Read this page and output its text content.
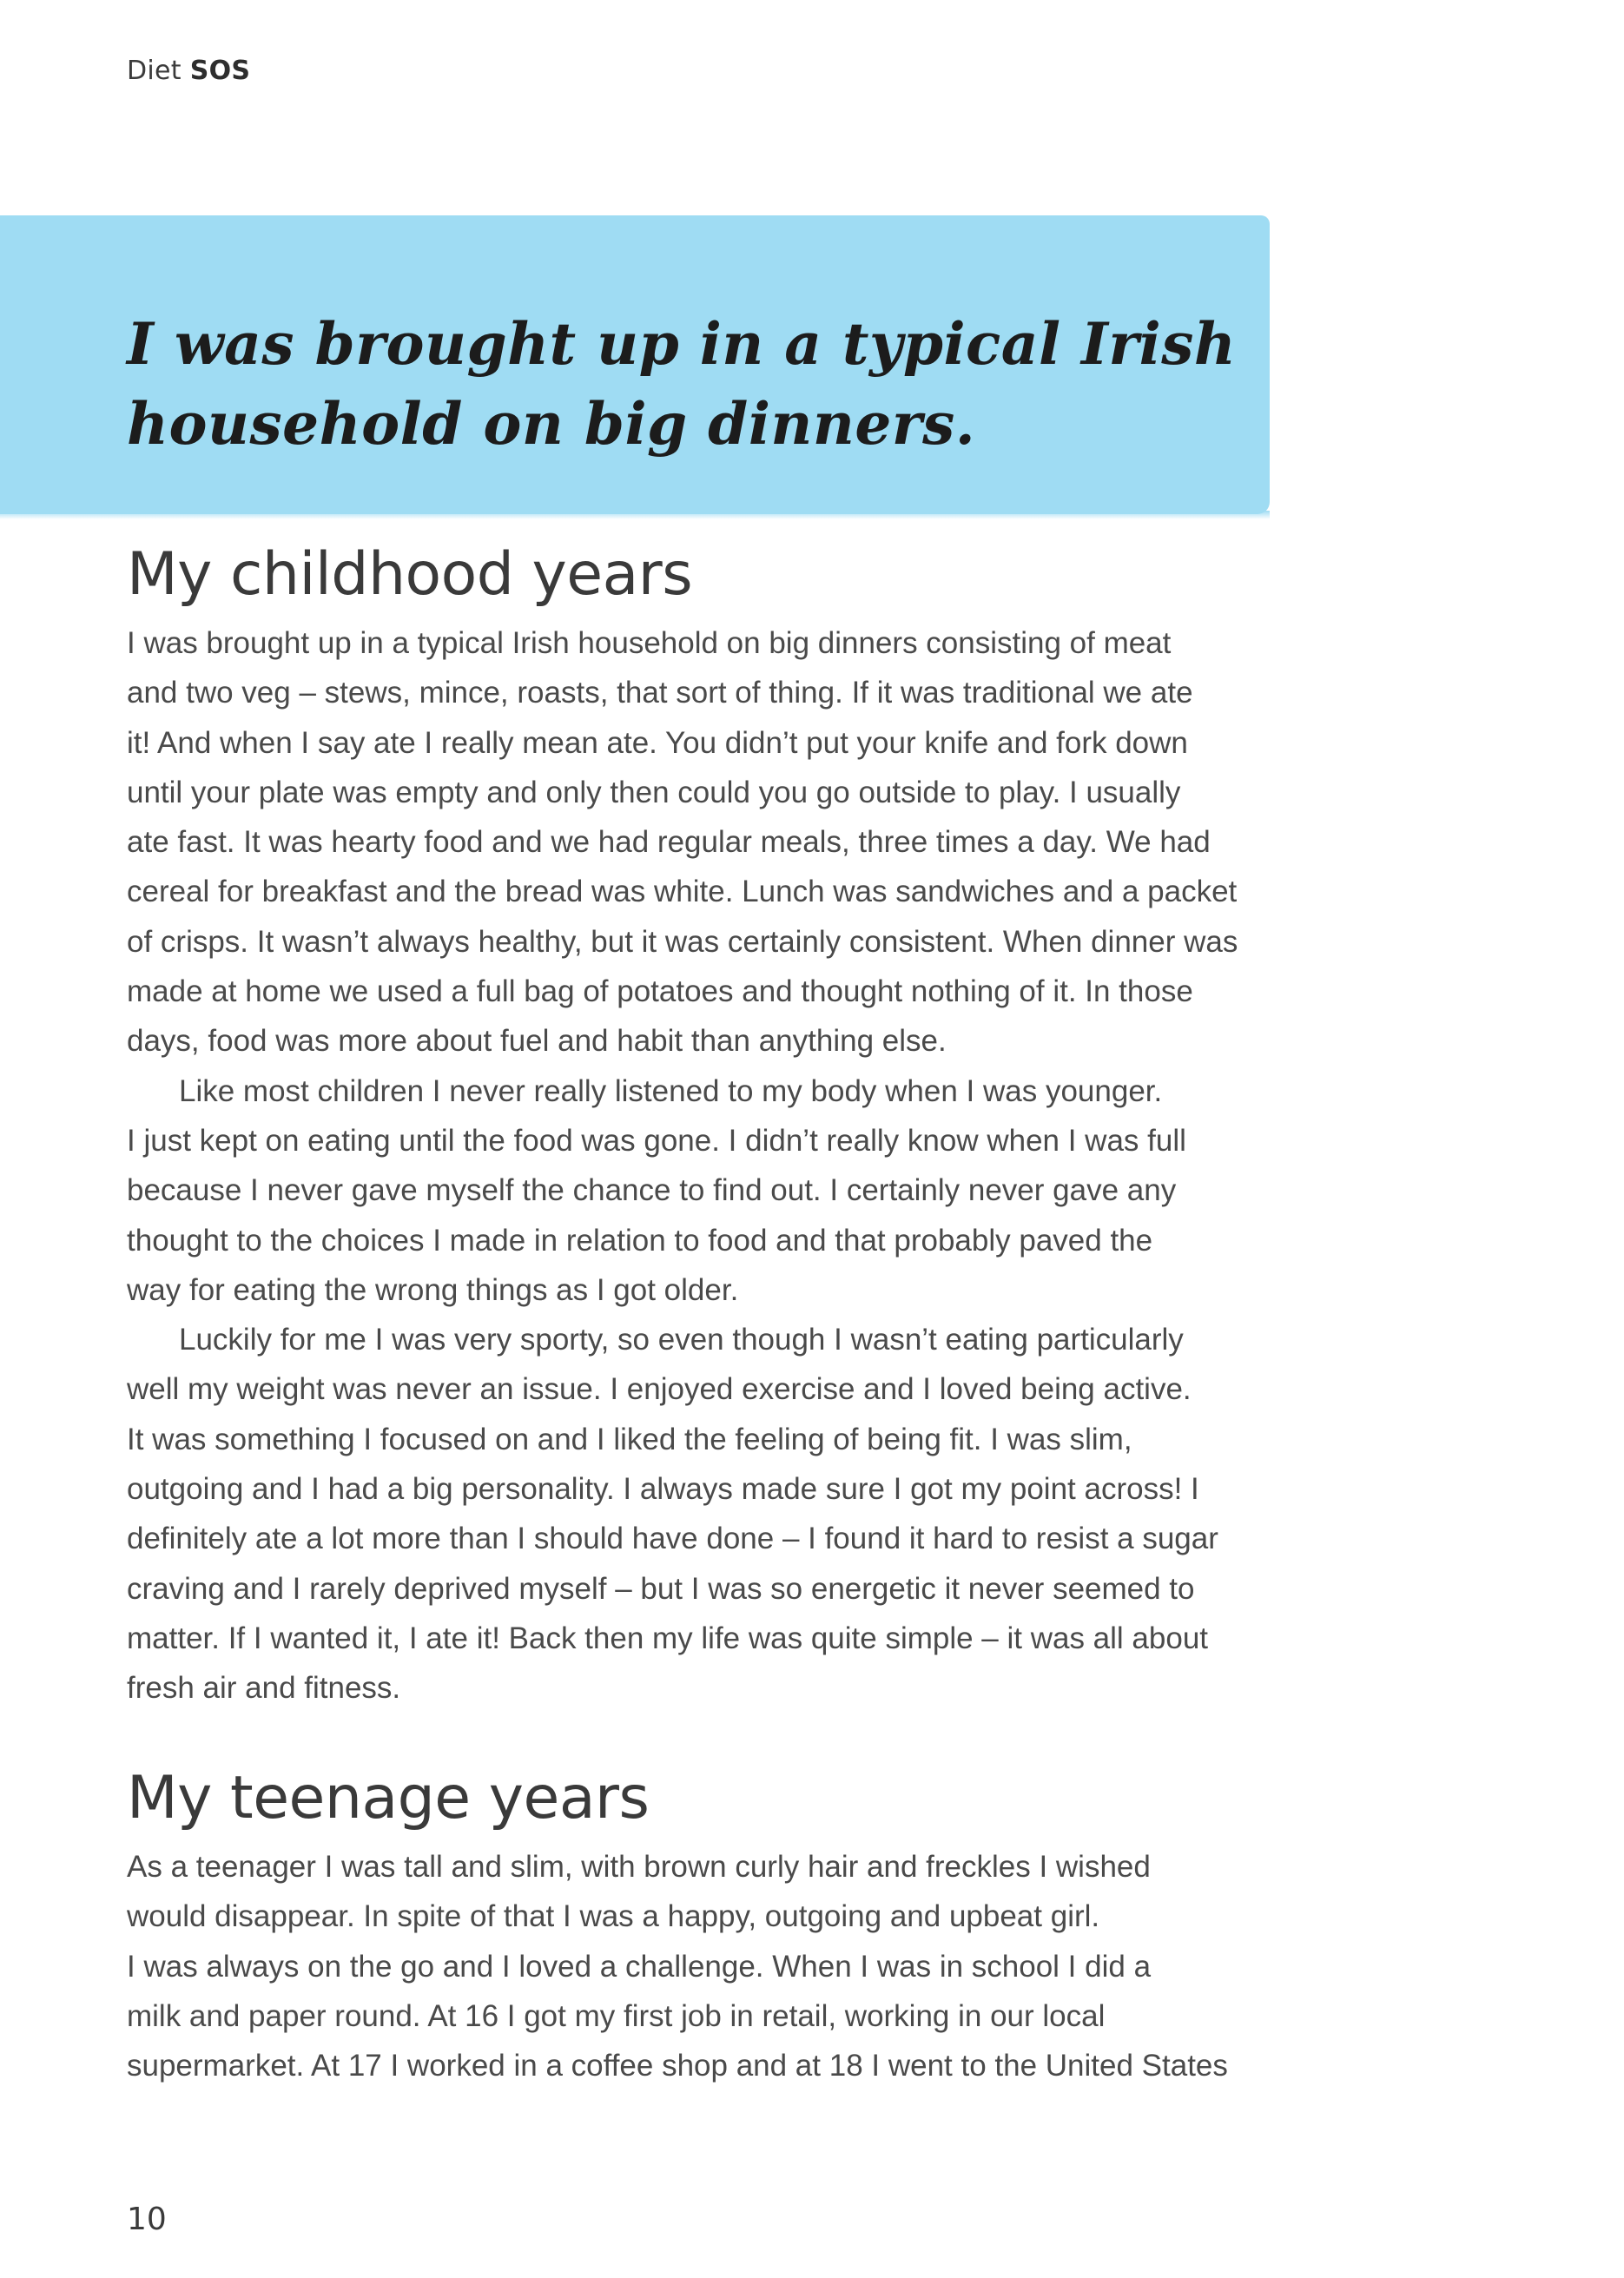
Diet SOS
I was brought up in a typical Irish
household on big dinners.
My childhood years

I was brought up in a typical Irish household on big dinners consisting of meat
and two veg – stews, mince, roasts, that sort of thing. If it was traditional we ate
it! And when I say ate I really mean ate. You didn’t put your knife and fork down
until your plate was empty and only then could you go outside to play. I usually
ate fast. It was hearty food and we had regular meals, three times a day. We had
cereal for breakfast and the bread was white. Lunch was sandwiches and a packet
of crisps. It wasn’t always healthy, but it was certainly consistent. When dinner was
made at home we used a full bag of potatoes and thought nothing of it. In those
days, food was more about fuel and habit than anything else.

Like most children I never really listened to my body when I was younger.
I just kept on eating until the food was gone. I didn’t really know when I was full
because I never gave myself the chance to find out. I certainly never gave any
thought to the choices I made in relation to food and that probably paved the
way for eating the wrong things as I got older.

Luckily for me I was very sporty, so even though I wasn’t eating particularly
well my weight was never an issue. I enjoyed exercise and I loved being active.
It was something I focused on and I liked the feeling of being fit. I was slim,
outgoing and I had a big personality. I always made sure I got my point across! I
definitely ate a lot more than I should have done – I found it hard to resist a sugar
craving and I rarely deprived myself – but I was so energetic it never seemed to
matter. If I wanted it, I ate it! Back then my life was quite simple – it was all about
fresh air and fitness.

My teenage years

As a teenager I was tall and slim, with brown curly hair and freckles I wished
would disappear. In spite of that I was a happy, outgoing and upbeat girl.
I was always on the go and I loved a challenge. When I was in school I did a
milk and paper round. At 16 I got my first job in retail, working in our local
supermarket. At 17 I worked in a coffee shop and at 18 I went to the United States

10
